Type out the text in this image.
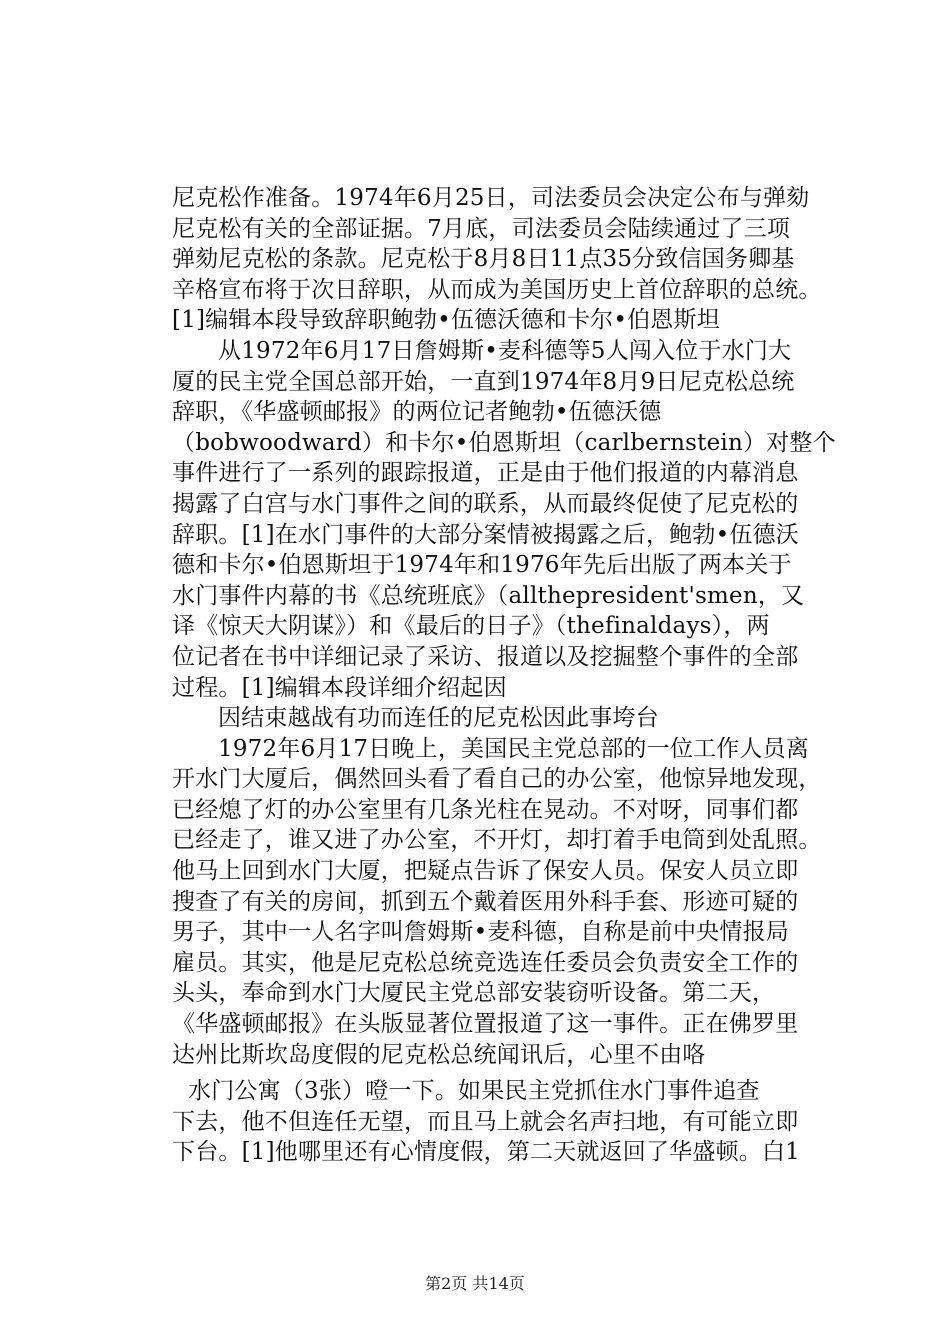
尼克松作准备。1974年6月25日，司法委员会决定公布与弹劾
尼克松有关的全部证据。7月底，司法委员会陆续通过了三项
弹劾尼克松的条款。尼克松于8月8日11点35分致信国务卿基
辛格宣布将于次日辞职，从而成为美国历史上首位辞职的总统。
[1]编辑本段导致辞职鲍勃•伍德沃德和卡尔•伯恩斯坦
从1972年6月17日詹姆斯•麦科德等5人闯入位于水门大
厦的民主党全国总部开始，一直到1974年8月9日尼克松总统
辞职，《华盛顿邮报》的两位记者鲍勃•伍德沃德
（bobwoodward）和卡尔•伯恩斯坦（carlbernstein）对整个
事件进行了一系列的跟踪报道，正是由于他们报道的内幕消息
揭露了白宫与水门事件之间的联系，从而最终促使了尼克松的
辞职。[1]在水门事件的大部分案情被揭露之后，鲍勃•伍德沃
德和卡尔•伯恩斯坦于1974年和1976年先后出版了两本关于
水门事件内幕的书《总统班底》（allthepresident'smen，又
译《惊天大阴谋》）和《最后的日子》（thefinaldays），两
位记者在书中详细记录了采访、报道以及挖掘整个事件的全部
过程。[1]编辑本段详细介绍起因
因结束越战有功而连任的尼克松因此事垮台
1972年6月17日晚上，美国民主党总部的一位工作人员离
开水门大厦后，偶然回头看了看自己的办公室，他惊异地发现，
已经熄了灯的办公室里有几条光柱在晃动。不对呀，同事们都
已经走了，谁又进了办公室，不开灯，却打着手电筒到处乱照。
他马上回到水门大厦，把疑点告诉了保安人员。保安人员立即
搜查了有关的房间，抓到五个戴着医用外科手套、形迹可疑的
男子，其中一人名字叫詹姆斯•麦科德，自称是前中央情报局
雇员。其实，他是尼克松总统竞选连任委员会负责安全工作的
头头，奉命到水门大厦民主党总部安装窃听设备。第二天，
《华盛顿邮报》在头版显著位置报道了这一事件。正在佛罗里
达州比斯坎岛度假的尼克松总统闻讯后，心里不由咯
水门公寓（3张）噔一下。如果民主党抓住水门事件追查
下去，他不但连任无望，而且马上就会名声扫地，有可能立即
下台。[1]他哪里还有心情度假，第二天就返回了华盛顿。白1
第2页 共14页
